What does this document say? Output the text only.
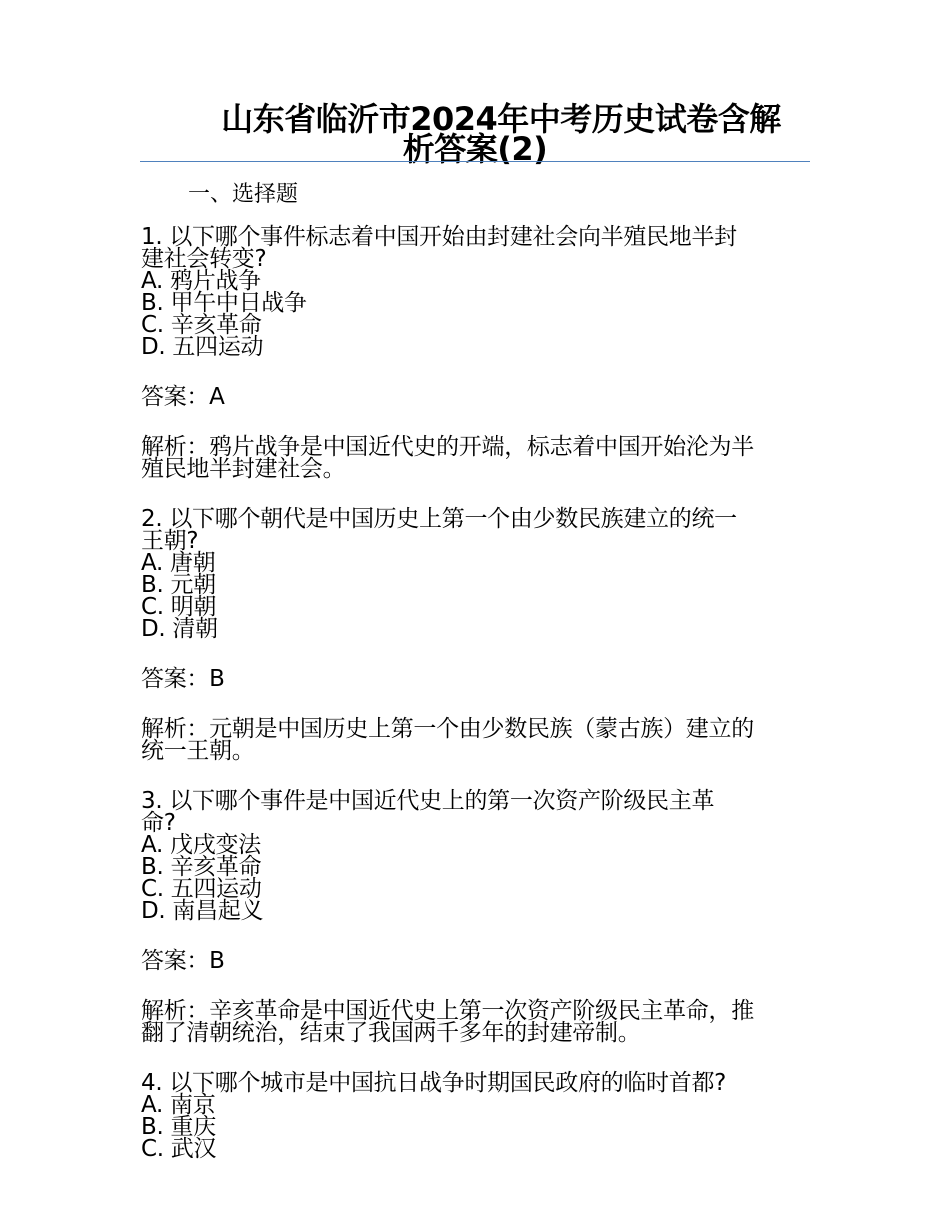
山东省临沂市2024年中考历史试卷含解
析答案(2)
一、选择题
1. 以下哪个事件标志着中国开始由封建社会向半殖民地半封
建社会转变?
A. 鸦片战争
B. 甲午中日战争
C. 辛亥革命
D. 五四运动
答案：A
解析：鸦片战争是中国近代史的开端，标志着中国开始沦为半
殖民地半封建社会。
2. 以下哪个朝代是中国历史上第一个由少数民族建立的统一
王朝?
A. 唐朝
B. 元朝
C. 明朝
D. 清朝
答案：B
解析：元朝是中国历史上第一个由少数民族（蒙古族）建立的
统一王朝。
3. 以下哪个事件是中国近代史上的第一次资产阶级民主革
命?
A. 戊戌变法
B. 辛亥革命
C. 五四运动
D. 南昌起义
答案：B
解析：辛亥革命是中国近代史上第一次资产阶级民主革命，推
翻了清朝统治，结束了我国两千多年的封建帝制。
4. 以下哪个城市是中国抗日战争时期国民政府的临时首都?
A. 南京
B. 重庆
C. 武汉
